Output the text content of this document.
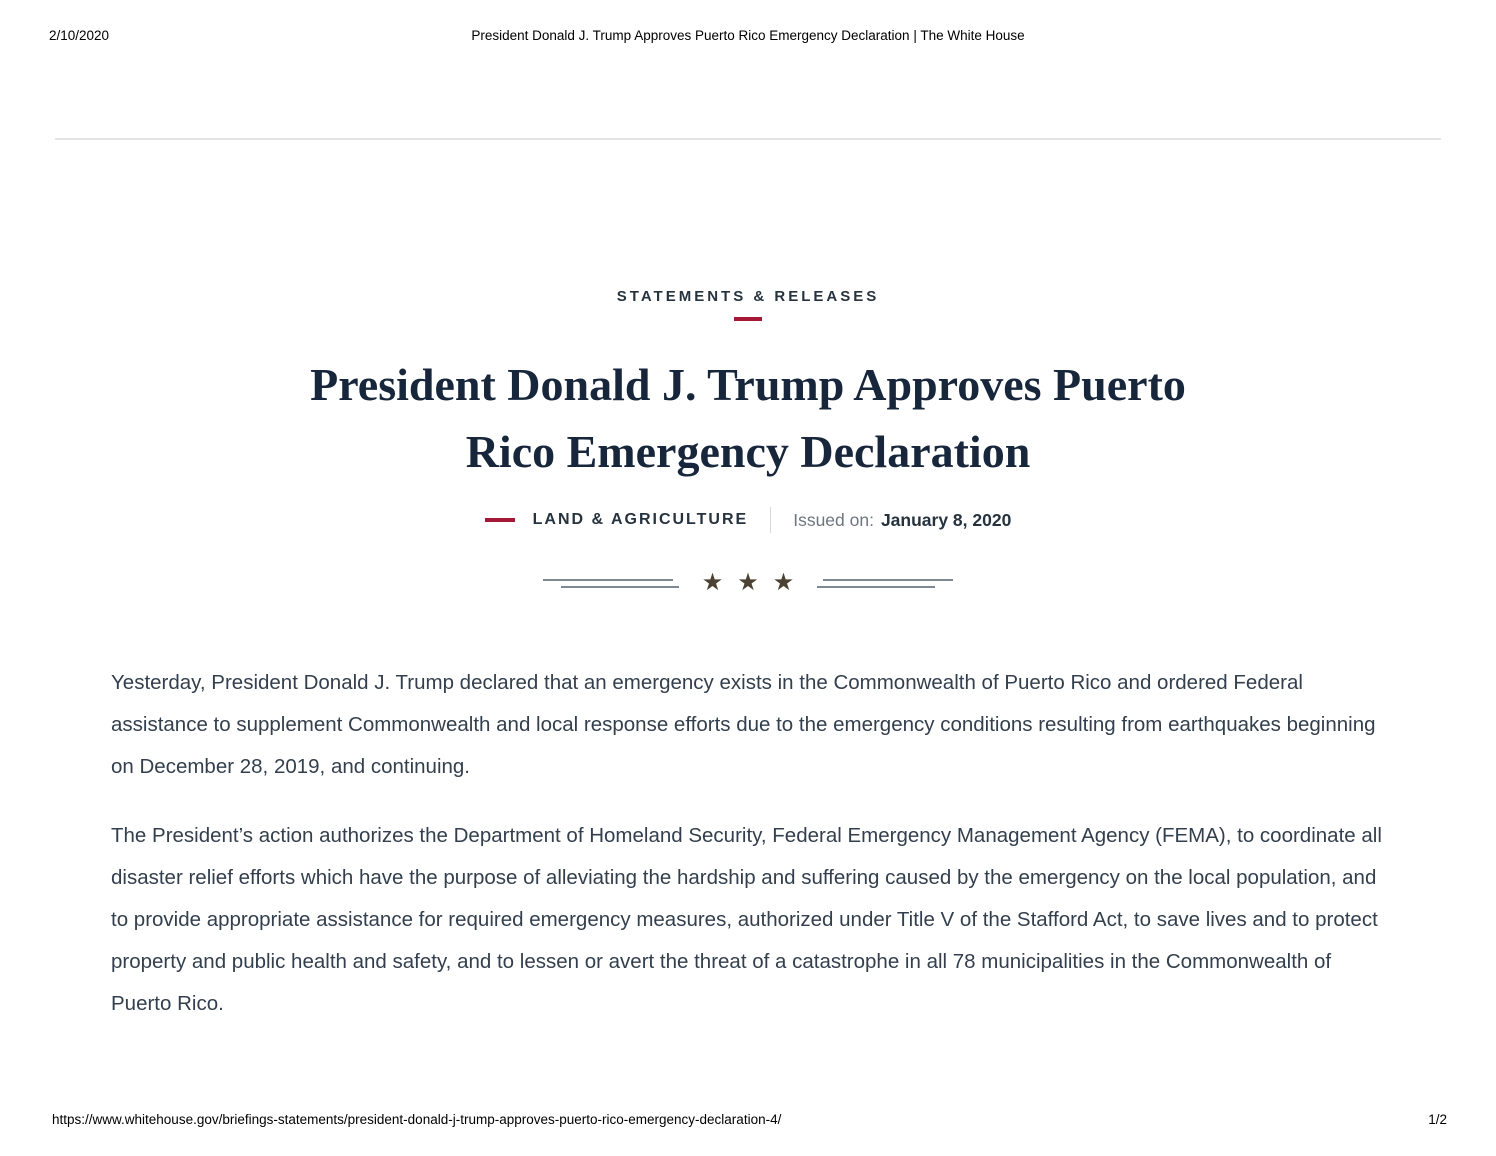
2/10/2020	President Donald J. Trump Approves Puerto Rico Emergency Declaration | The White House
STATEMENTS & RELEASES
President Donald J. Trump Approves Puerto
Rico Emergency Declaration
LAND & AGRICULTURE	Issued on: January 8, 2020
★ ★ ★

Yesterday, President Donald J. Trump declared that an emergency exists in the Commonwealth of Puerto Rico and ordered Federal assistance to supplement Commonwealth and local response efforts due to the emergency conditions resulting from earthquakes beginning on December 28, 2019, and continuing.

The President’s action authorizes the Department of Homeland Security, Federal Emergency Management Agency (FEMA), to coordinate all disaster relief efforts which have the purpose of alleviating the hardship and suffering caused by the emergency on the local population, and to provide appropriate assistance for required emergency measures, authorized under Title V of the Stafford Act, to save lives and to protect property and public health and safety, and to lessen or avert the threat of a catastrophe in all 78 municipalities in the Commonwealth of Puerto Rico.

https://www.whitehouse.gov/briefings-statements/president-donald-j-trump-approves-puerto-rico-emergency-declaration-4/	1/2
